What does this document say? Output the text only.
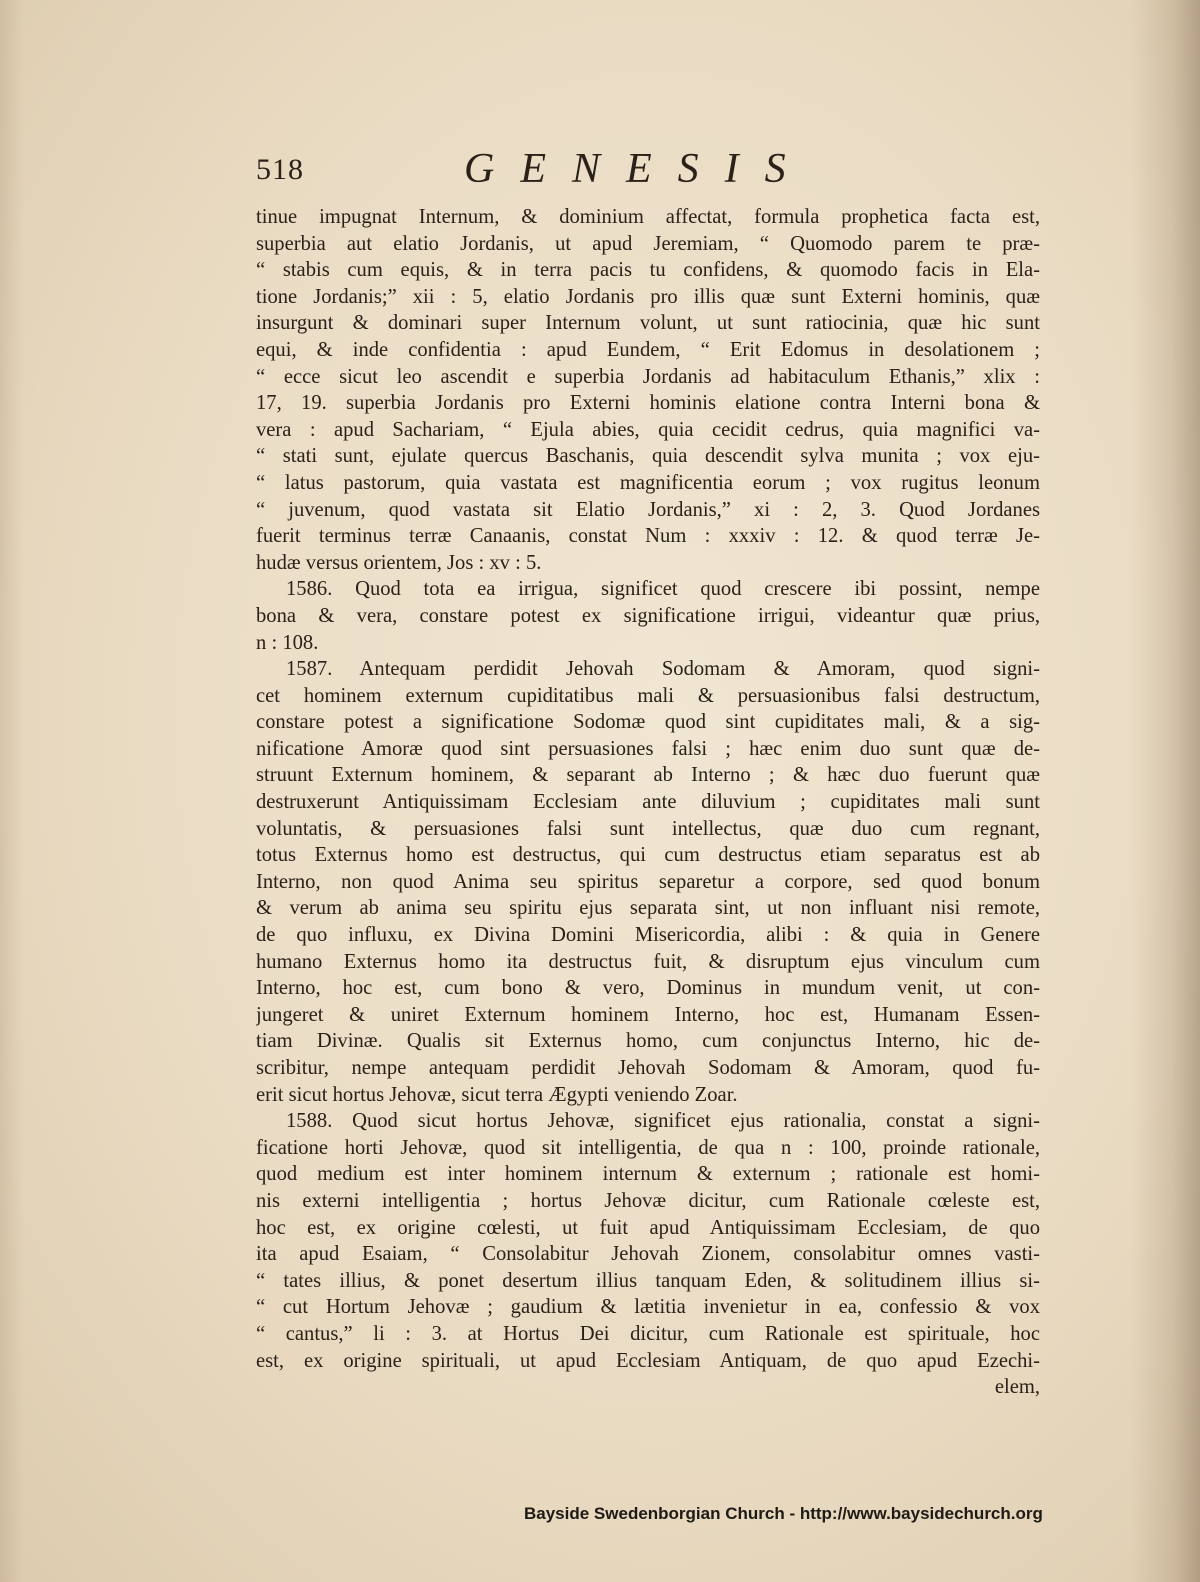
518	GENESIS
tinue impugnat Internum, & dominium affectat, formula prophetica facta est,
superbia aut elatio Jordanis, ut apud Jeremiam, “ Quomodo parem te præ-
“ stabis cum equis, & in terra pacis tu confidens, & quomodo facis in Ela-
tione Jordanis;” xii : 5, elatio Jordanis pro illis quæ sunt Externi hominis, quæ
insurgunt & dominari super Internum volunt, ut sunt ratiocinia, quæ hic sunt
equi, & inde confidentia : apud Eundem, “ Erit Edomus in desolationem ;
“ ecce sicut leo ascendit e superbia Jordanis ad habitaculum Ethanis,” xlix :
17, 19. superbia Jordanis pro Externi hominis elatione contra Interni bona &
vera : apud Sachariam, “ Ejula abies, quia cecidit cedrus, quia magnifici va-
“ stati sunt, ejulate quercus Baschanis, quia descendit sylva munita ; vox eju-
“ latus pastorum, quia vastata est magnificentia eorum ; vox rugitus leonum
“ juvenum, quod vastata sit Elatio Jordanis,” xi : 2, 3. Quod Jordanes
fuerit terminus terræ Canaanis, constat Num : xxxiv : 12. & quod terræ Je-
hudæ versus orientem, Jos : xv : 5.
1586. Quod tota ea irrigua, significet quod crescere ibi possint, nempe
bona & vera, constare potest ex significatione irrigui, videantur quæ prius,
n : 108.
1587. Antequam perdidit Jehovah Sodomam & Amoram, quod signi-
cet hominem externum cupiditatibus mali & persuasionibus falsi destructum,
constare potest a significatione Sodomæ quod sint cupiditates mali, & a sig-
nificatione Amoræ quod sint persuasiones falsi ; hæc enim duo sunt quæ de-
struunt Externum hominem, & separant ab Interno ; & hæc duo fuerunt quæ
destruxerunt Antiquissimam Ecclesiam ante diluvium ; cupiditates mali sunt
voluntatis, & persuasiones falsi sunt intellectus, quæ duo cum regnant,
totus Externus homo est destructus, qui cum destructus etiam separatus est ab
Interno, non quod Anima seu spiritus separetur a corpore, sed quod bonum
& verum ab anima seu spiritu ejus separata sint, ut non influant nisi remote,
de quo influxu, ex Divina Domini Misericordia, alibi : & quia in Genere
humano Externus homo ita destructus fuit, & disruptum ejus vinculum cum
Interno, hoc est, cum bono & vero, Dominus in mundum venit, ut con-
jungeret & uniret Externum hominem Interno, hoc est, Humanam Essen-
tiam Divinæ. Qualis sit Externus homo, cum conjunctus Interno, hic de-
scribitur, nempe antequam perdidit Jehovah Sodomam & Amoram, quod fu-
erit sicut hortus Jehovæ, sicut terra Ægypti veniendo Zoar.
1588. Quod sicut hortus Jehovæ, significet ejus rationalia, constat a signi-
ficatione horti Jehovæ, quod sit intelligentia, de qua n : 100, proinde rationale,
quod medium est inter hominem internum & externum ; rationale est homi-
nis externi intelligentia ; hortus Jehovæ dicitur, cum Rationale cœleste est,
hoc est, ex origine cœlesti, ut fuit apud Antiquissimam Ecclesiam, de quo
ita apud Esaiam, “ Consolabitur Jehovah Zionem, consolabitur omnes vasti-
“ tates illius, & ponet desertum illius tanquam Eden, & solitudinem illius si-
“ cut Hortum Jehovæ ; gaudium & lætitia invenietur in ea, confessio & vox
“ cantus,” li : 3. at Hortus Dei dicitur, cum Rationale est spirituale, hoc
est, ex origine spirituali, ut apud Ecclesiam Antiquam, de quo apud Ezechi-
elem,
Bayside Swedenborgian Church - http://www.baysidechurch.org
